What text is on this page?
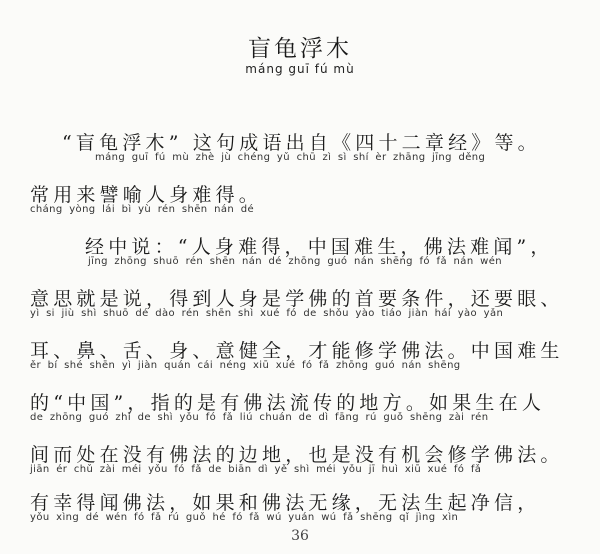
盲龟浮木
máng guī fú mù
“盲龟浮木” 这句成语出自《四十二章经》等。
máng guī fú mù zhè jù chéng yǔ chū zì sì shí èr zhāng jīng děng
常用来譬喻人身难得。
cháng yòng lái bì yù rén shēn nán dé
经中说：“人身难得，中国难生，佛法难闻”，
jīng zhōng shuō rén shēn nán dé zhōng guó nán shēng fó fǎ nán wén
意思就是说，得到人身是学佛的首要条件，还要眼、
yì si jiù shì shuō dé dào rén shēn shì xué fó de shǒu yào tiáo jiàn hái yào yǎn
耳、鼻、舌、身、意健全，才能修学佛法。中国难生
ěr bí shé shēn yì jiàn quán cái néng xiū xué fó fǎ zhōng guó nán shēng
的“中国”，指的是有佛法流传的地方。如果生在人
de zhōng guó zhǐ de shì yǒu fó fǎ liú chuán de dì fāng rú guǒ shēng zài rén
间而处在没有佛法的边地，也是没有机会修学佛法。
jiān ér chǔ zài méi yǒu fó fǎ de biān dì yě shì méi yǒu jī huì xiū xué fó fǎ
有幸得闻佛法，如果和佛法无缘，无法生起净信，
yǒu xìng dé wén fó fǎ rú guǒ hé fó fǎ wú yuán wú fǎ shēng qǐ jìng xìn
36
